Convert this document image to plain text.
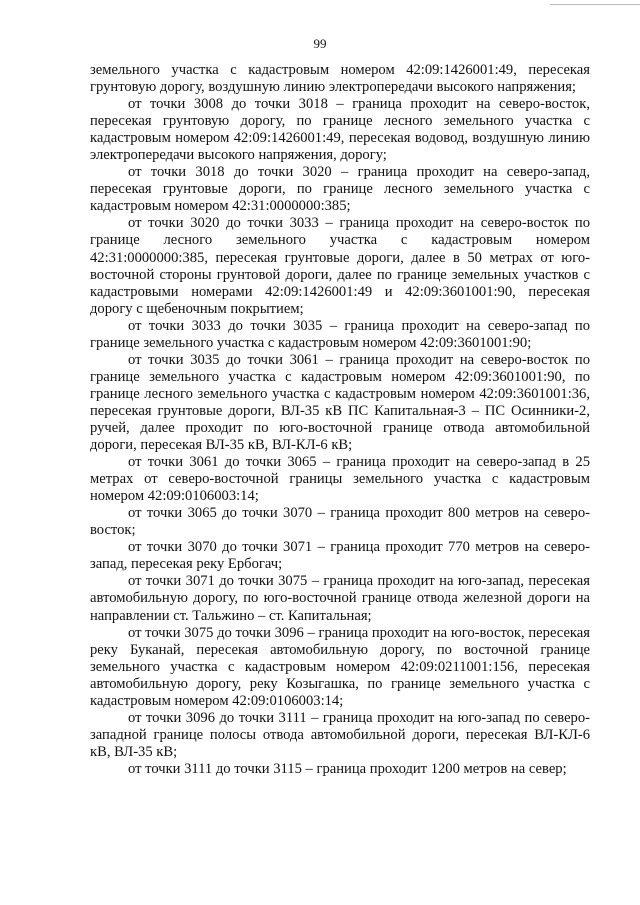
99

земельного участка с кадастровым номером 42:09:1426001:49, пересекая грунтовую дорогу, воздушную линию электропередачи высокого напряжения;

от точки 3008 до точки 3018 – граница проходит на северо-восток, пересекая грунтовую дорогу, по границе лесного земельного участка с кадастровым номером 42:09:1426001:49, пересекая водовод, воздушную линию электропередачи высокого напряжения, дорогу;

от точки 3018 до точки 3020 – граница проходит на северо-запад, пересекая грунтовые дороги, по границе лесного земельного участка с кадастровым номером 42:31:0000000:385;

от точки 3020 до точки 3033 – граница проходит на северо-восток по границе лесного земельного участка с кадастровым номером 42:31:0000000:385, пересекая грунтовые дороги, далее в 50 метрах от юго-восточной стороны грунтовой дороги, далее по границе земельных участков с кадастровыми номерами 42:09:1426001:49 и 42:09:3601001:90, пересекая дорогу с щебеночным покрытием;

от точки 3033 до точки 3035 – граница проходит на северо-запад по границе земельного участка с кадастровым номером 42:09:3601001:90;

от точки 3035 до точки 3061 – граница проходит на северо-восток по границе земельного участка с кадастровым номером 42:09:3601001:90, по границе лесного земельного участка с кадастровым номером 42:09:3601001:36, пересекая грунтовые дороги, ВЛ-35 кВ ПС Капитальная-3 – ПС Осинники-2, ручей, далее проходит по юго-восточной границе отвода автомобильной дороги, пересекая ВЛ-35 кВ, ВЛ-КЛ-6 кВ;

от точки 3061 до точки 3065 – граница проходит на северо-запад в 25 метрах от северо-восточной границы земельного участка с кадастровым номером 42:09:0106003:14;

от точки 3065 до точки 3070 – граница проходит 800 метров на северо-восток;

от точки 3070 до точки 3071 – граница проходит 770 метров на северо-запад, пересекая реку Ербогач;

от точки 3071 до точки 3075 – граница проходит на юго-запад, пересекая автомобильную дорогу, по юго-восточной границе отвода железной дороги на направлении ст. Тальжино – ст. Капитальная;

от точки 3075 до точки 3096 – граница проходит на юго-восток, пересекая реку Буканай, пересекая автомобильную дорогу, по восточной границе земельного участка с кадастровым номером 42:09:0211001:156, пересекая автомобильную дорогу, реку Козыгашка, по границе земельного участка с кадастровым номером 42:09:0106003:14;

от точки 3096 до точки 3111 – граница проходит на юго-запад по северо-западной границе полосы отвода автомобильной дороги, пересекая ВЛ-КЛ-6 кВ, ВЛ-35 кВ;

от точки 3111 до точки 3115 – граница проходит 1200 метров на север;
